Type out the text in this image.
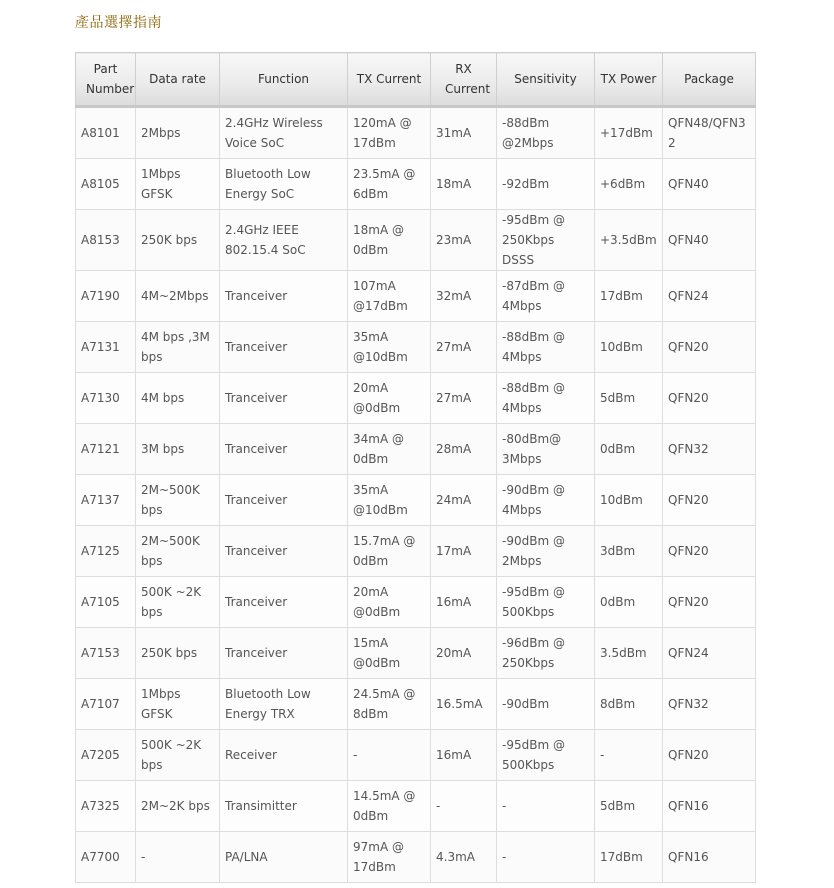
產品選擇指南
Part Number	Data rate	Function	TX Current	RX Current	Sensitivity	TX Power	Package
A8101	2Mbps	2.4GHz Wireless Voice SoC	120mA @ 17dBm	31mA	-88dBm @2Mbps	+17dBm	QFN48/QFN32
A8105	1Mbps GFSK	Bluetooth Low Energy SoC	23.5mA @ 6dBm	18mA	-92dBm	+6dBm	QFN40
A8153	250K bps	2.4GHz IEEE 802.15.4 SoC	18mA @ 0dBm	23mA	-95dBm @ 250Kbps DSSS	+3.5dBm	QFN40
A7190	4M~2Mbps	Tranceiver	107mA @17dBm	32mA	-87dBm @ 4Mbps	17dBm	QFN24
A7131	4M bps ,3M bps	Tranceiver	35mA @10dBm	27mA	-88dBm @ 4Mbps	10dBm	QFN20
A7130	4M bps	Tranceiver	20mA @0dBm	27mA	-88dBm @ 4Mbps	5dBm	QFN20
A7121	3M bps	Tranceiver	34mA @ 0dBm	28mA	-80dBm@ 3Mbps	0dBm	QFN32
A7137	2M~500K bps	Tranceiver	35mA @10dBm	24mA	-90dBm @ 4Mbps	10dBm	QFN20
A7125	2M~500K bps	Tranceiver	15.7mA @ 0dBm	17mA	-90dBm @ 2Mbps	3dBm	QFN20
A7105	500K ~2K bps	Tranceiver	20mA @0dBm	16mA	-95dBm @ 500Kbps	0dBm	QFN20
A7153	250K bps	Tranceiver	15mA @0dBm	20mA	-96dBm @ 250Kbps	3.5dBm	QFN24
A7107	1Mbps GFSK	Bluetooth Low Energy TRX	24.5mA @ 8dBm	16.5mA	-90dBm	8dBm	QFN32
A7205	500K ~2K bps	Receiver	-	16mA	-95dBm @ 500Kbps	-	QFN20
A7325	2M~2K bps	Transimitter	14.5mA @ 0dBm	-	-	5dBm	QFN16
A7700	-	PA/LNA	97mA @ 17dBm	4.3mA	-	17dBm	QFN16
